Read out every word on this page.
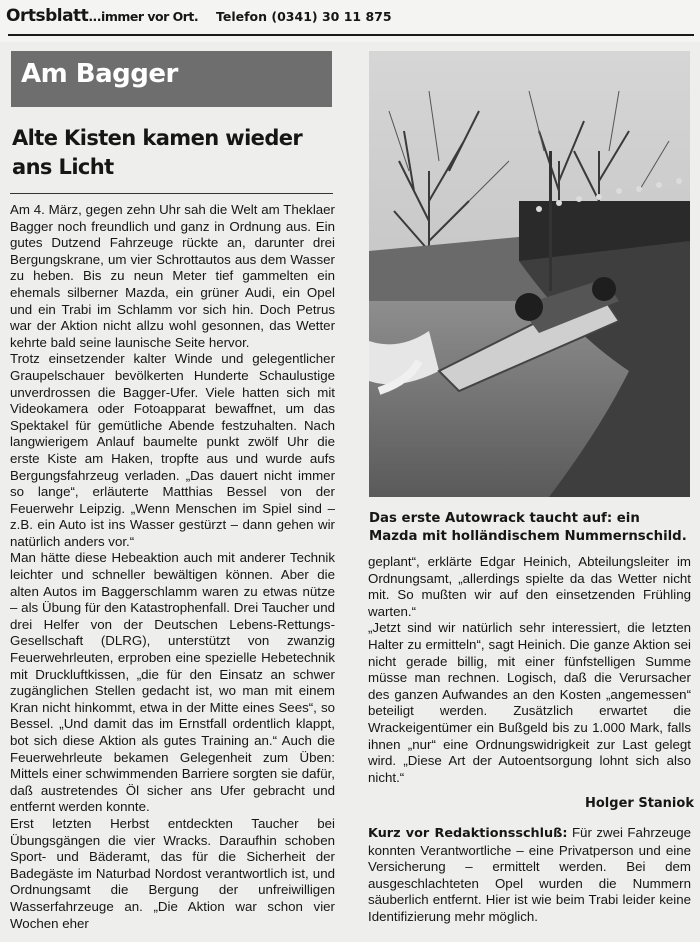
Ortsblatt...immer vor Ort. Telefon (0341) 30 11 875
Am Bagger
Alte Kisten kamen wieder ans Licht

Am 4. März, gegen zehn Uhr sah die Welt am Theklaer Bagger noch freundlich und ganz in Ordnung aus. Ein gutes Dutzend Fahrzeuge rückte an, darunter drei Bergungskrane, um vier Schrottautos aus dem Wasser zu heben. Bis zu neun Meter tief gammelten ein ehemals silberner Mazda, ein grüner Audi, ein Opel und ein Trabi im Schlamm vor sich hin. Doch Petrus war der Aktion nicht allzu wohl gesonnen, das Wetter kehrte bald seine launische Seite hervor.

Trotz einsetzender kalter Winde und gelegentlicher Graupelschauer bevölkerten Hunderte Schaulustige unverdrossen die Bagger-Ufer. Viele hatten sich mit Videokamera oder Fotoapparat bewaffnet, um das Spektakel für gemütliche Abende festzuhalten. Nach langwierigem Anlauf baumelte punkt zwölf Uhr die erste Kiste am Haken, tropfte aus und wurde aufs Bergungsfahrzeug verladen. „Das dauert nicht immer so lange“, erläuterte Matthias Bessel von der Feuerwehr Leipzig. „Wenn Menschen im Spiel sind – z.B. ein Auto ist ins Wasser gestürzt – dann gehen wir natürlich anders vor.“

Man hätte diese Hebeaktion auch mit anderer Technik leichter und schneller bewältigen können. Aber die alten Autos im Baggerschlamm waren zu etwas nütze – als Übung für den Katastrophenfall. Drei Taucher und drei Helfer von der Deutschen Lebens-Rettungs-Gesellschaft (DLRG), unterstützt von zwanzig Feuerwehrleuten, erproben eine spezielle Hebetechnik mit Druckluftkissen, „die für den Einsatz an schwer zugänglichen Stellen gedacht ist, wo man mit einem Kran nicht hinkommt, etwa in der Mitte eines Sees“, so Bessel. „Und damit das im Ernstfall ordentlich klappt, bot sich diese Aktion als gutes Training an.“ Auch die Feuerwehrleute bekamen Gelegenheit zum Üben: Mittels einer schwimmenden Barriere sorgten sie dafür, daß austretendes Öl sicher ans Ufer gebracht und entfernt werden konnte.

Erst letzten Herbst entdeckten Taucher bei Übungsgängen die vier Wracks. Daraufhin schoben Sport- und Bäderamt, das für die Sicherheit der Badegäste im Naturbad Nordost verantwortlich ist, und Ordnungsamt die Bergung der unfreiwilligen Wasserfahrzeuge an. „Die Aktion war schon vier Wochen eher

Das erste Autowrack taucht auf: ein Mazda mit holländischem Nummernschild.

geplant“, erklärte Edgar Heinich, Abteilungsleiter im Ordnungsamt, „allerdings spielte da das Wetter nicht mit. So mußten wir auf den einsetzenden Frühling warten.“

„Jetzt sind wir natürlich sehr interessiert, die letzten Halter zu ermitteln“, sagt Heinich. Die ganze Aktion sei nicht gerade billig, mit einer fünfstelligen Summe müsse man rechnen. Logisch, daß die Verursacher des ganzen Aufwandes an den Kosten „angemessen“ beteiligt werden. Zusätzlich erwartet die Wrackeigentümer ein Bußgeld bis zu 1.000 Mark, falls ihnen „nur“ eine Ordnungswidrigkeit zur Last gelegt wird. „Diese Art der Autoentsorgung lohnt sich also nicht.“

Holger Staniok
Kurz vor Redaktionsschluß: Für zwei Fahrzeuge konnten Verantwortliche – eine Privatperson und eine Versicherung – ermittelt werden. Bei dem ausgeschlachteten Opel wurden die Nummern säuberlich entfernt. Hier ist wie beim Trabi leider keine Identifizierung mehr möglich.
